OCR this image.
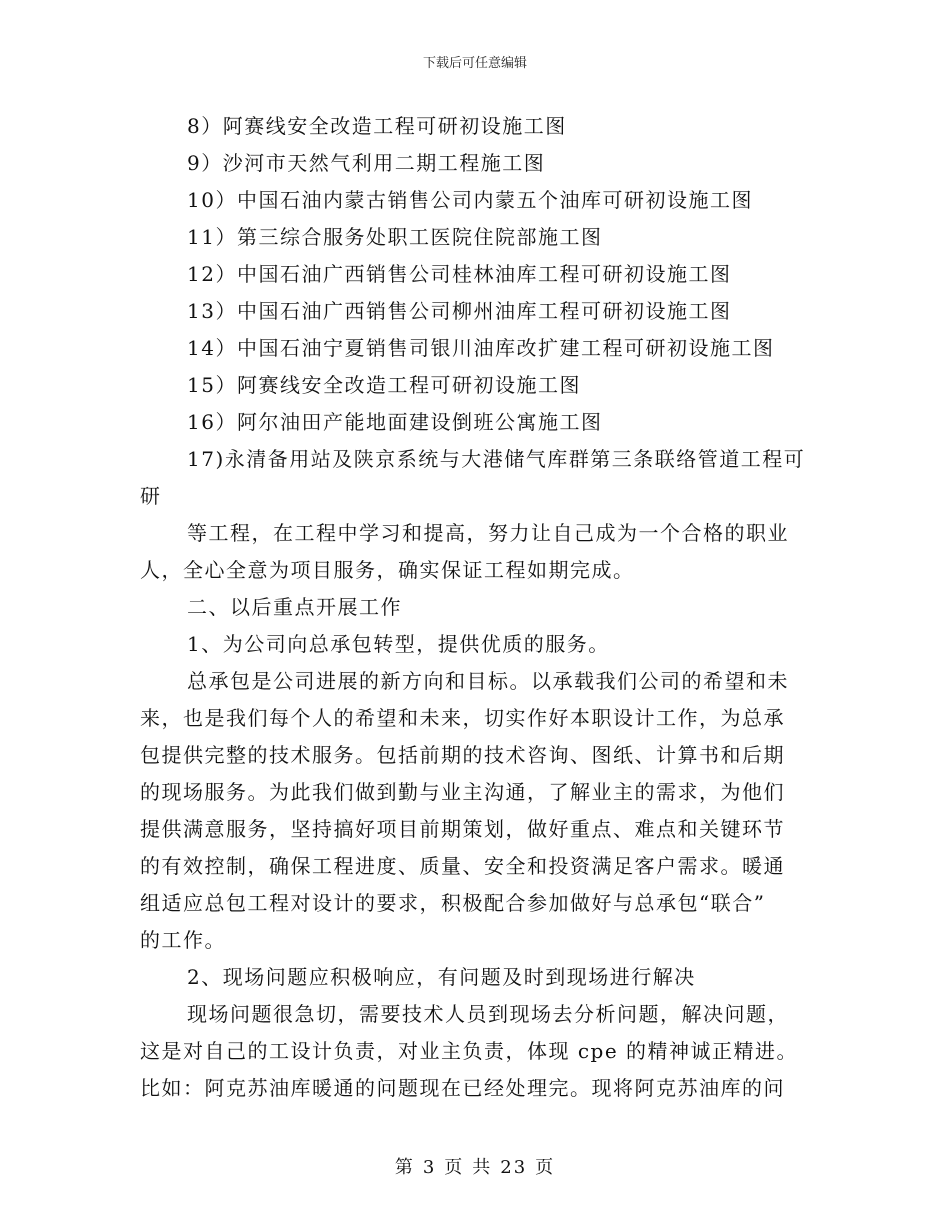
下载后可任意编辑
8）阿赛线安全改造工程可研初设施工图
9）沙河市天然气利用二期工程施工图
10）中国石油内蒙古销售公司内蒙五个油库可研初设施工图
11）第三综合服务处职工医院住院部施工图
12）中国石油广西销售公司桂林油库工程可研初设施工图
13）中国石油广西销售公司柳州油库工程可研初设施工图
14）中国石油宁夏销售司银川油库改扩建工程可研初设施工图
15）阿赛线安全改造工程可研初设施工图
16）阿尔油田产能地面建设倒班公寓施工图
17)永清备用站及陕京系统与大港储气库群第三条联络管道工程可
研
等工程，在工程中学习和提高，努力让自己成为一个合格的职业
人，全心全意为项目服务，确实保证工程如期完成。
二、以后重点开展工作
1、为公司向总承包转型，提供优质的服务。
总承包是公司进展的新方向和目标。以承载我们公司的希望和未
来，也是我们每个人的希望和未来，切实作好本职设计工作，为总承
包提供完整的技术服务。包括前期的技术咨询、图纸、计算书和后期
的现场服务。为此我们做到勤与业主沟通，了解业主的需求，为他们
提供满意服务，坚持搞好项目前期策划，做好重点、难点和关键环节
的有效控制，确保工程进度、质量、安全和投资满足客户需求。暖通
组适应总包工程对设计的要求，积极配合参加做好与总承包“联合”
的工作。
2、现场问题应积极响应，有问题及时到现场进行解决
现场问题很急切，需要技术人员到现场去分析问题，解决问题，
这是对自己的工设计负责，对业主负责，体现 cpe 的精神诚正精进。
比如：阿克苏油库暖通的问题现在已经处理完。现将阿克苏油库的问
第 3 页 共 23 页
